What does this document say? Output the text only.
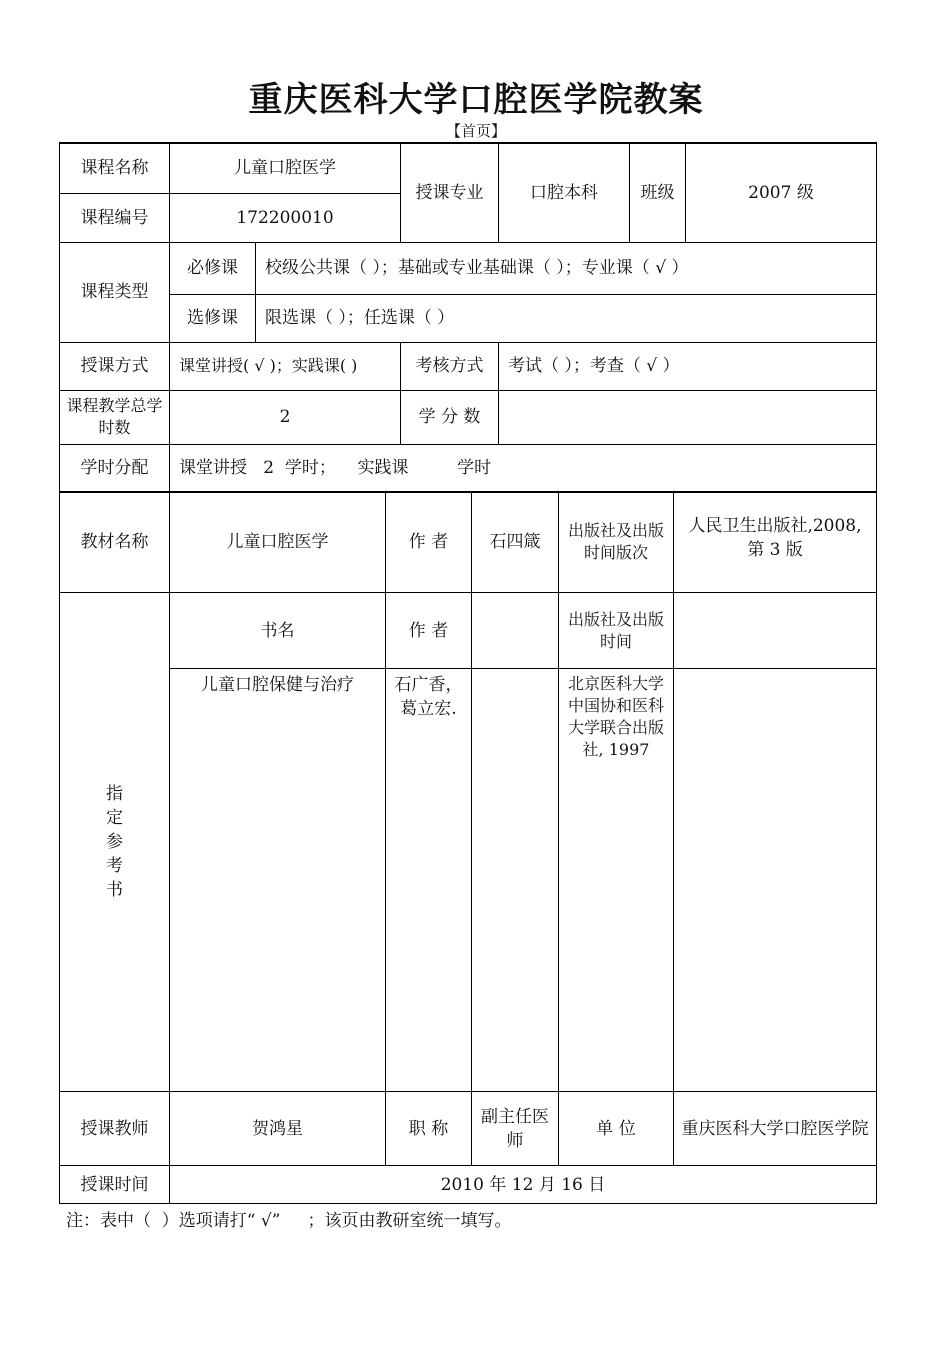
重庆医科大学口腔医学院教案
【首页】
课程名称	儿童口腔医学		授课专业	口腔本科	班级	2007 级
课程编号	172200010					
课程类型	必修课	校级公共课（ ）；基础或专业基础课（ ）；专业课（ √ ）				
	选修课	限选课（ ）；任选课（ ）				
授课方式	课堂讲授( √ )；实践课( )		考核方式	考试（ ）；考查（ √ ）		
课程教学总学时数	2		学 分 数			
学时分配	课堂讲授   2  学时；    实践课         学时					
教材名称	儿童口腔医学	作 者	石四箴	出版社及出版时间版次	人民卫生出版社,2008, 第 3 版
指定参考书	书名	作 者		出版社及出版时间	
	儿童口腔保健与治疗	石广香，葛立宏.		北京医科大学中国协和医科大学联合出版社, 1997	
授课教师	贺鸿星	职 称	副主任医师	单 位	重庆医科大学口腔医学院
授课时间	2010 年 12 月 16 日				
注：表中（  ）选项请打“ √”     ；该页由教研室统一填写。
